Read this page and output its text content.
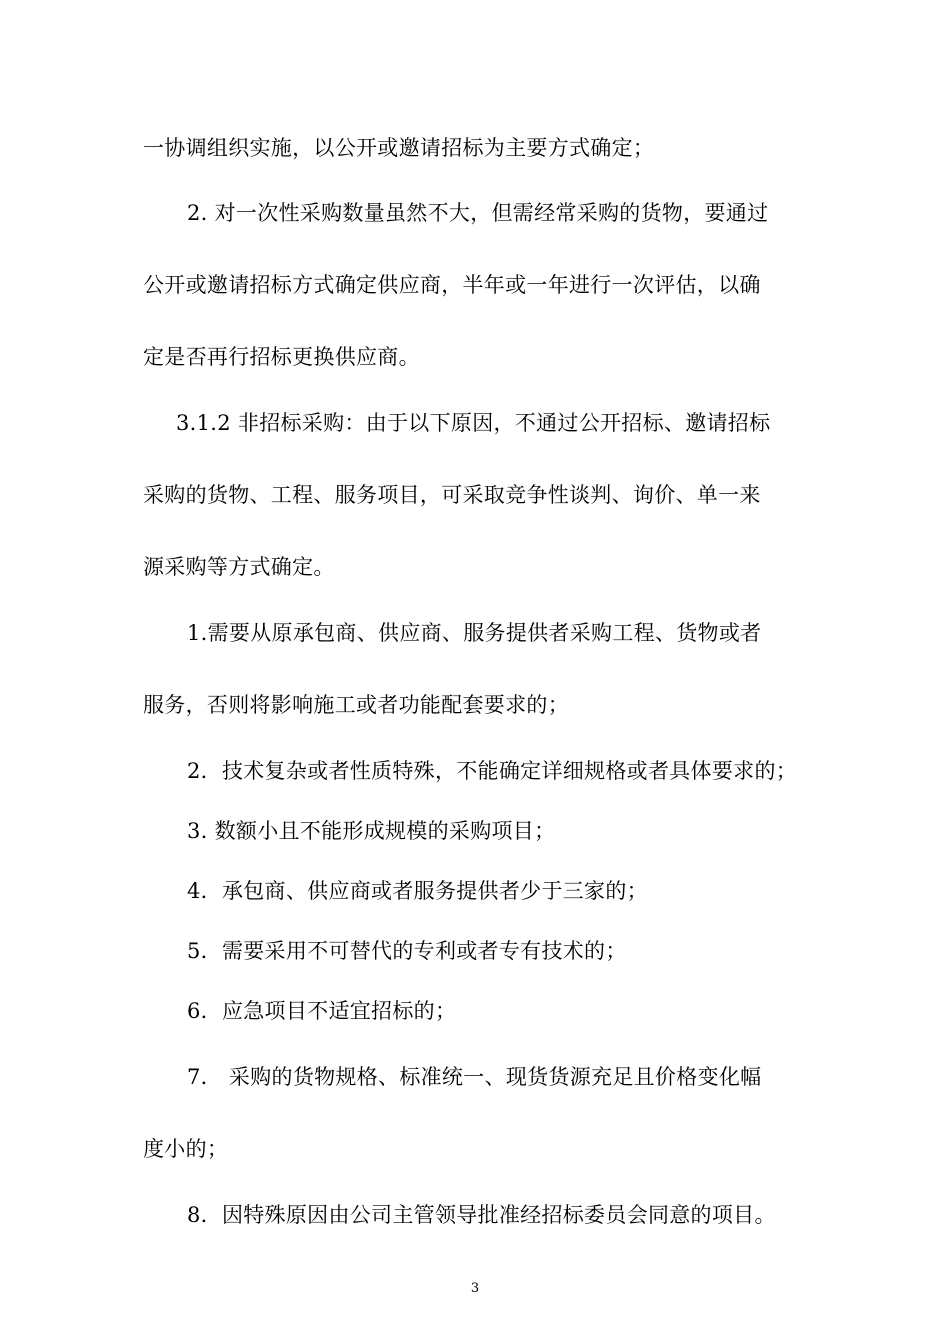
一协调组织实施，以公开或邀请招标为主要方式确定；
2. 对一次性采购数量虽然不大，但需经常采购的货物，要通过
公开或邀请招标方式确定供应商，半年或一年进行一次评估，以确
定是否再行招标更换供应商。
3.1.2 非招标采购：由于以下原因，不通过公开招标、邀请招标
采购的货物、工程、服务项目，可采取竞争性谈判、询价、单一来
源采购等方式确定。
1.需要从原承包商、供应商、服务提供者采购工程、货物或者
服务，否则将影响施工或者功能配套要求的；
2．技术复杂或者性质特殊，不能确定详细规格或者具体要求的；
3. 数额小且不能形成规模的采购项目；
4．承包商、供应商或者服务提供者少于三家的；
5．需要采用不可替代的专利或者专有技术的；
6．应急项目不适宜招标的；
7． 采购的货物规格、标准统一、现货货源充足且价格变化幅
度小的；
8．因特殊原因由公司主管领导批准经招标委员会同意的项目。
3
